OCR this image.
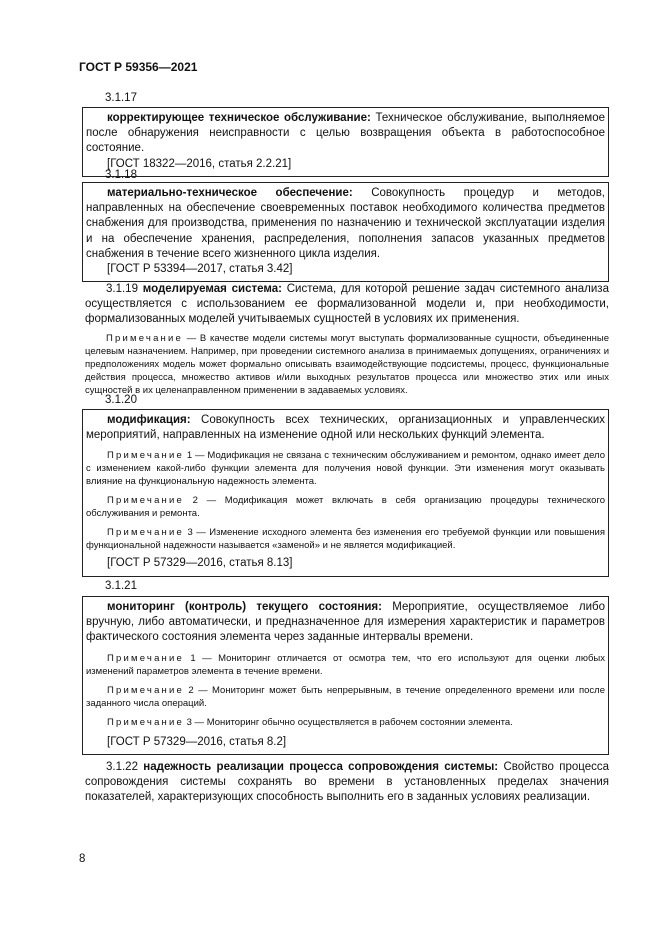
ГОСТ Р 59356—2021
3.1.17

корректирующее техническое обслуживание: Техническое обслуживание, выполняемое после обнаружения неисправности с целью возвращения объекта в работоспособное состояние.

[ГОСТ 18322—2016, статья 2.2.21]

3.1.18

материально-техническое обеспечение: Совокупность процедур и методов, направленных на обеспечение своевременных поставок необходимого количества предметов снабжения для производства, применения по назначению и технической эксплуатации изделия и на обеспечение хранения, распределения, пополнения запасов указанных предметов снабжения в течение всего жизненного цикла изделия.

[ГОСТ Р 53394—2017, статья 3.42]

3.1.19 моделируемая система: Система, для которой решение задач системного анализа осуществляется с использованием ее формализованной модели и, при необходимости, формализованных моделей учитываемых сущностей в условиях их применения.

Примечание — В качестве модели системы могут выступать формализованные сущности, объединенные целевым назначением. Например, при проведении системного анализа в принимаемых допущениях, ограничениях и предположениях модель может формально описывать взаимодействующие подсистемы, процесс, функциональные действия процесса, множество активов и/или выходных результатов процесса или множество этих или иных сущностей в их целенаправленном применении в задаваемых условиях.

3.1.20

модификация: Совокупность всех технических, организационных и управленческих мероприятий, направленных на изменение одной или нескольких функций элемента.

Примечание 1 — Модификация не связана с техническим обслуживанием и ремонтом, однако имеет дело с изменением какой-либо функции элемента для получения новой функции. Эти изменения могут оказывать влияние на функциональную надежность элемента.

Примечание 2 — Модификация может включать в себя организацию процедуры технического обслуживания и ремонта.

Примечание 3 — Изменение исходного элемента без изменения его требуемой функции или повышения функциональной надежности называется «заменой» и не является модификацией.

[ГОСТ Р 57329—2016, статья 8.13]

3.1.21

мониторинг (контроль) текущего состояния: Мероприятие, осуществляемое либо вручную, либо автоматически, и предназначенное для измерения характеристик и параметров фактического состояния элемента через заданные интервалы времени.

Примечание 1 — Мониторинг отличается от осмотра тем, что его используют для оценки любых изменений параметров элемента в течение времени.

Примечание 2 — Мониторинг может быть непрерывным, в течение определенного времени или после заданного числа операций.

Примечание 3 — Мониторинг обычно осуществляется в рабочем состоянии элемента.

[ГОСТ Р 57329—2016, статья 8.2]

3.1.22 надежность реализации процесса сопровождения системы: Свойство процесса сопровождения системы сохранять во времени в установленных пределах значения показателей, характеризующих способность выполнить его в заданных условиях реализации.

8
